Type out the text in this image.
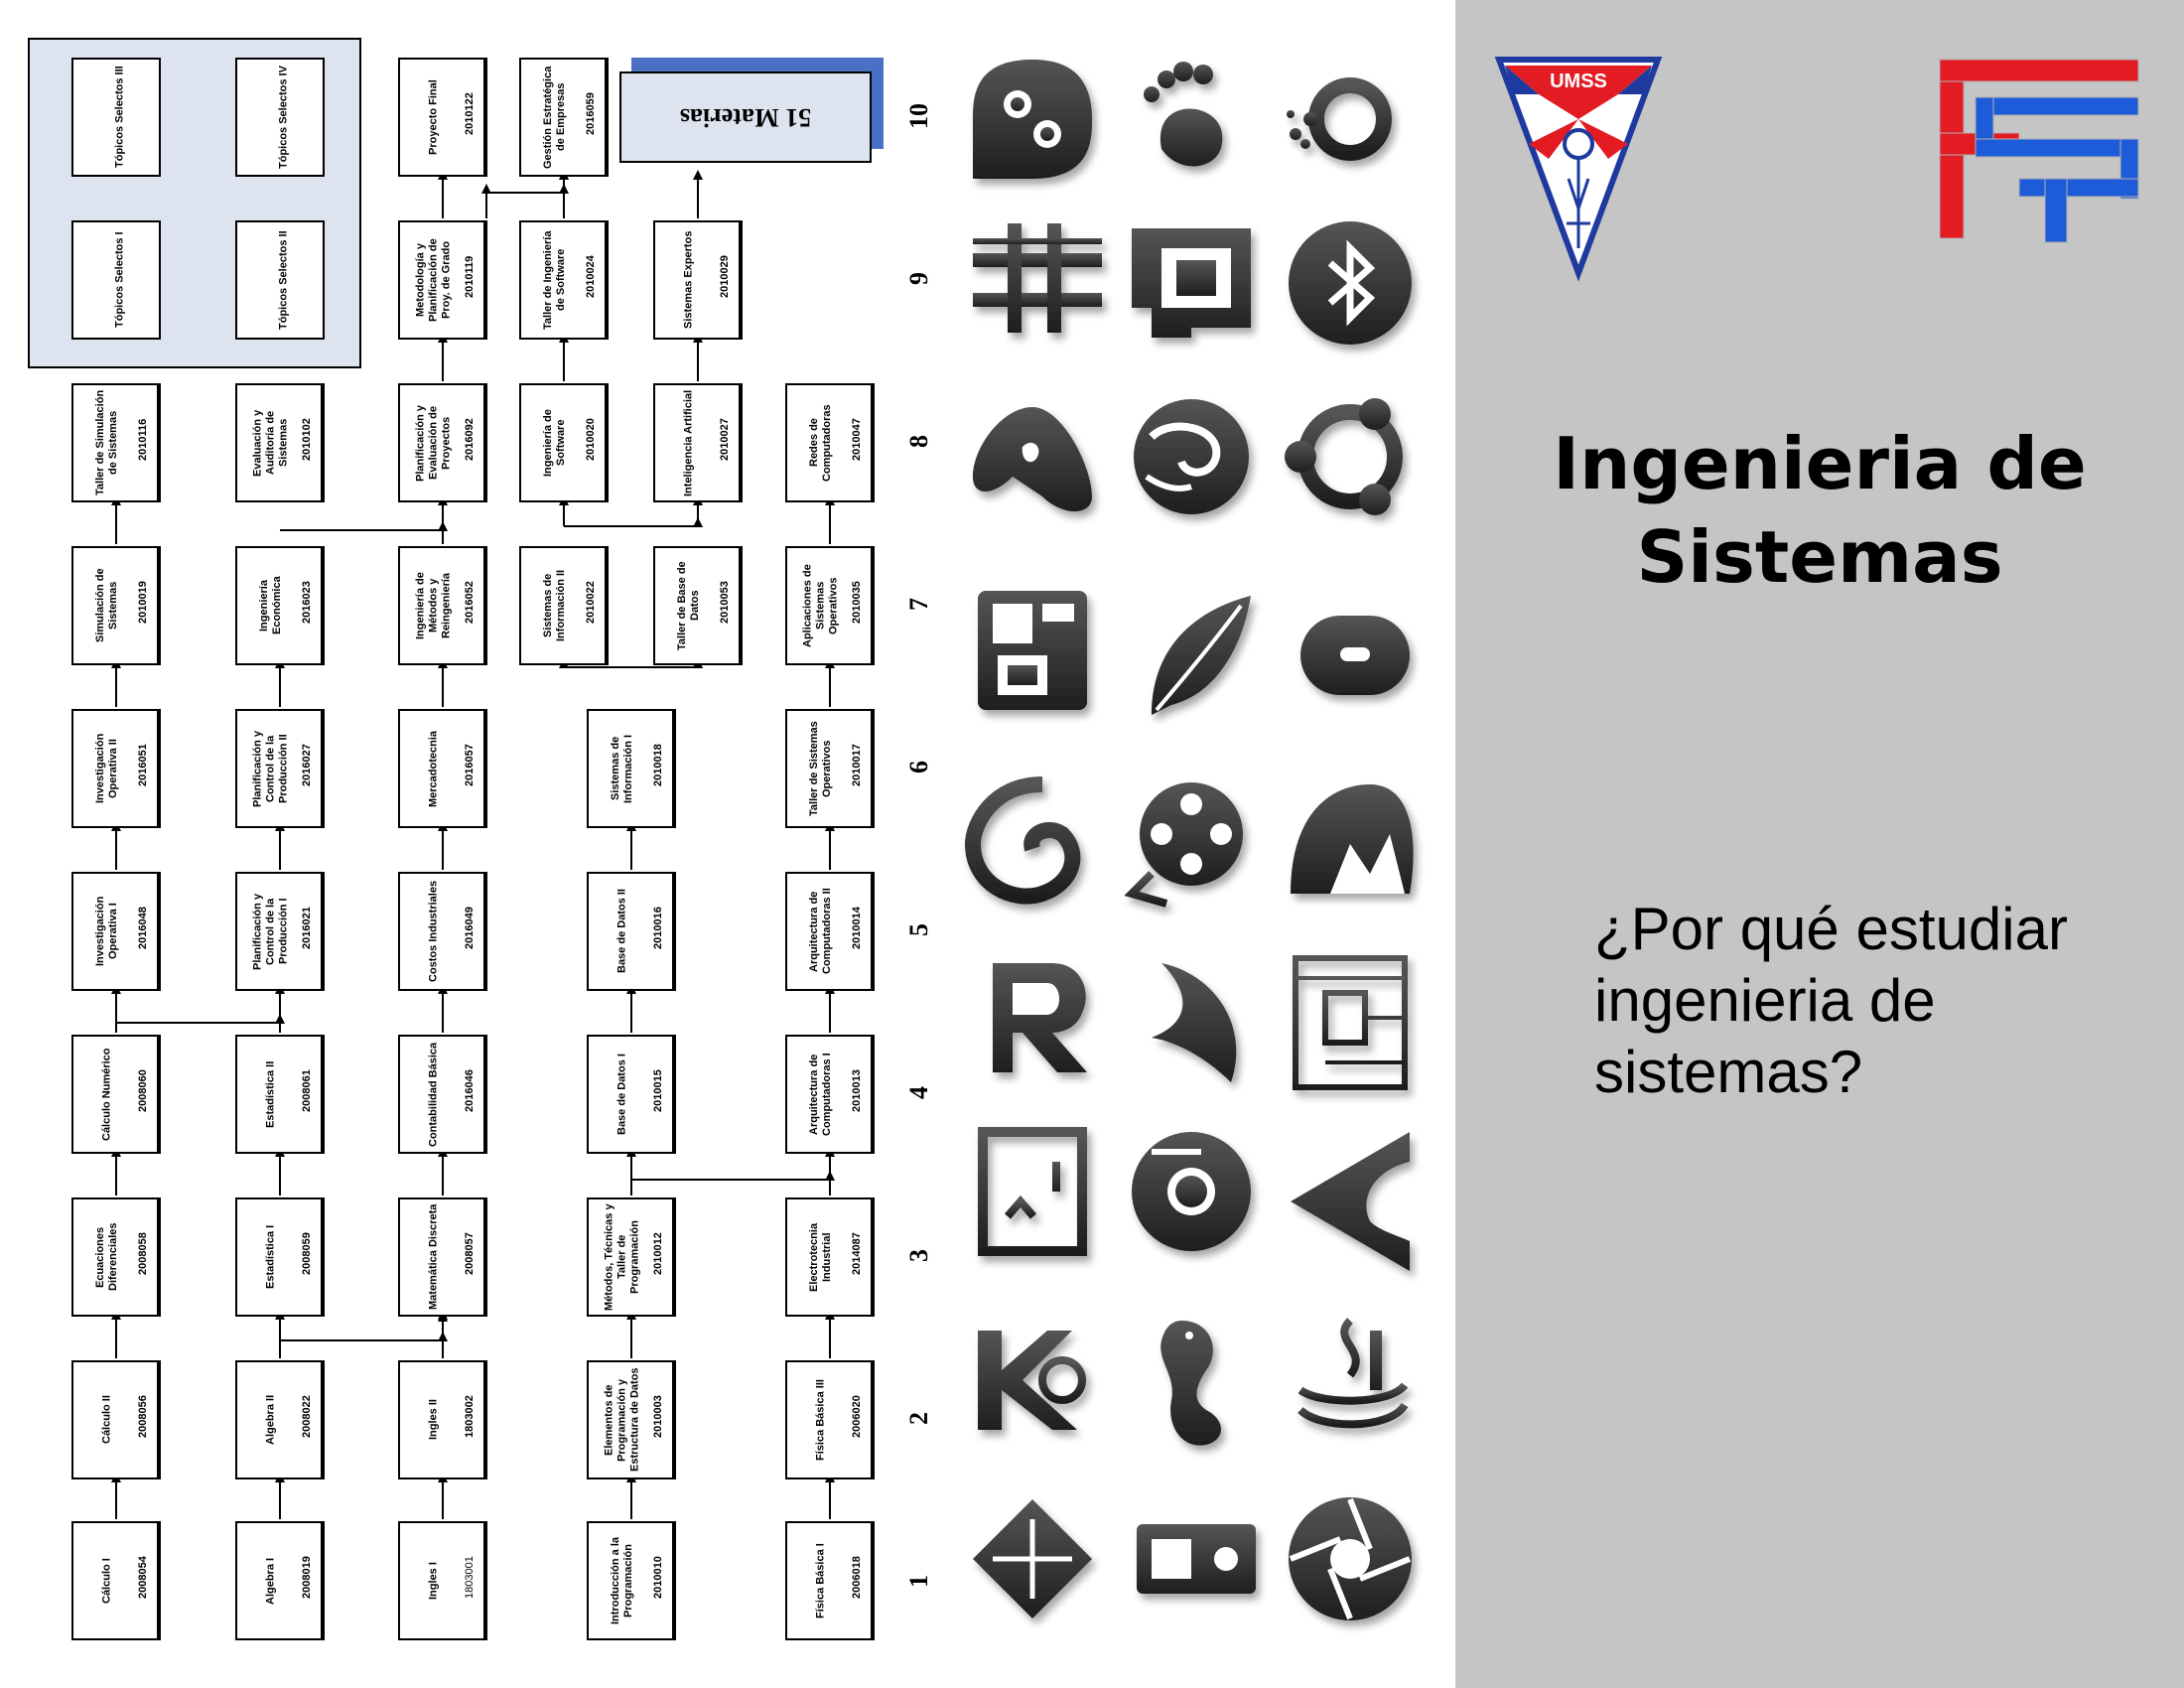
51 Materias
Cálculo I	2008054
Cálculo II	2008056
Ecuaciones Diferenciales	2008058
Cálculo Numérico	2008060
Investigación Operativa I	2016048
Investigación Operativa II	2016051
Simulación de Sistemas	2010019
Taller de Simulación de Sistemas	2010116
Algebra I	2008019
Algebra II	2008022
Estadística I	2008059
Estadística II	2008061
Planificación y Control de la Producción I	2016021
Planificación y Control de la Producción II	2016027
Ingeniería Económica	2016023
Evaluación y Auditoría de Sistemas	2010102
Tópicos Selectos III	Tópicos Selectos IV
Tópicos Selectos I	Tópicos Selectos II
Ingles I	1803001
Ingles II	1803002
Matemática Discreta	2008057
Contabilidad Básica	2016046
Costos Industriales	2016049
Mercadotecnia	2016057
Ingeniería de Métodos y Reingeniería	2016052
Planificación y Evaluación de Proyectos	2016092
Metodología y Planificación de Proy. de Grado	2010119
Proyecto Final	2010122
Introducción a la Programación	2010010
Elementos de Programación y Estructura de Datos	2010003
Métodos, Técnicas y Taller de Programación	2010012
Base de Datos I	2010015
Base de Datos II	2010016
Sistemas de Información I	2010018
Sistemas de Información II	2010022
Ingeniería de Software	2010020
Taller de Ingeniería de Software	2010024
Gestión Estratégica de Empresas	2016059
Taller de Base de Datos	2010053
Inteligencia Artificial	2010027
Sistemas Expertos	2010029
Física Básica I	2006018
Física Básica III	2006020
Electrotecnia Industrial	2014087
Arquitectura de Computadoras I	2010013
Arquitectura de Computadoras II	2010014
Taller de Sistemas Operativos	2010017
Aplicaciones de Sistemas Operativos	2010035
Redes de Computadoras	2010047
1
2
3
4
5
6
7
8
9
10
UMSS
Ingenieria de
Sistemas

¿Por qué estudiar
ingenieria de
sistemas?
